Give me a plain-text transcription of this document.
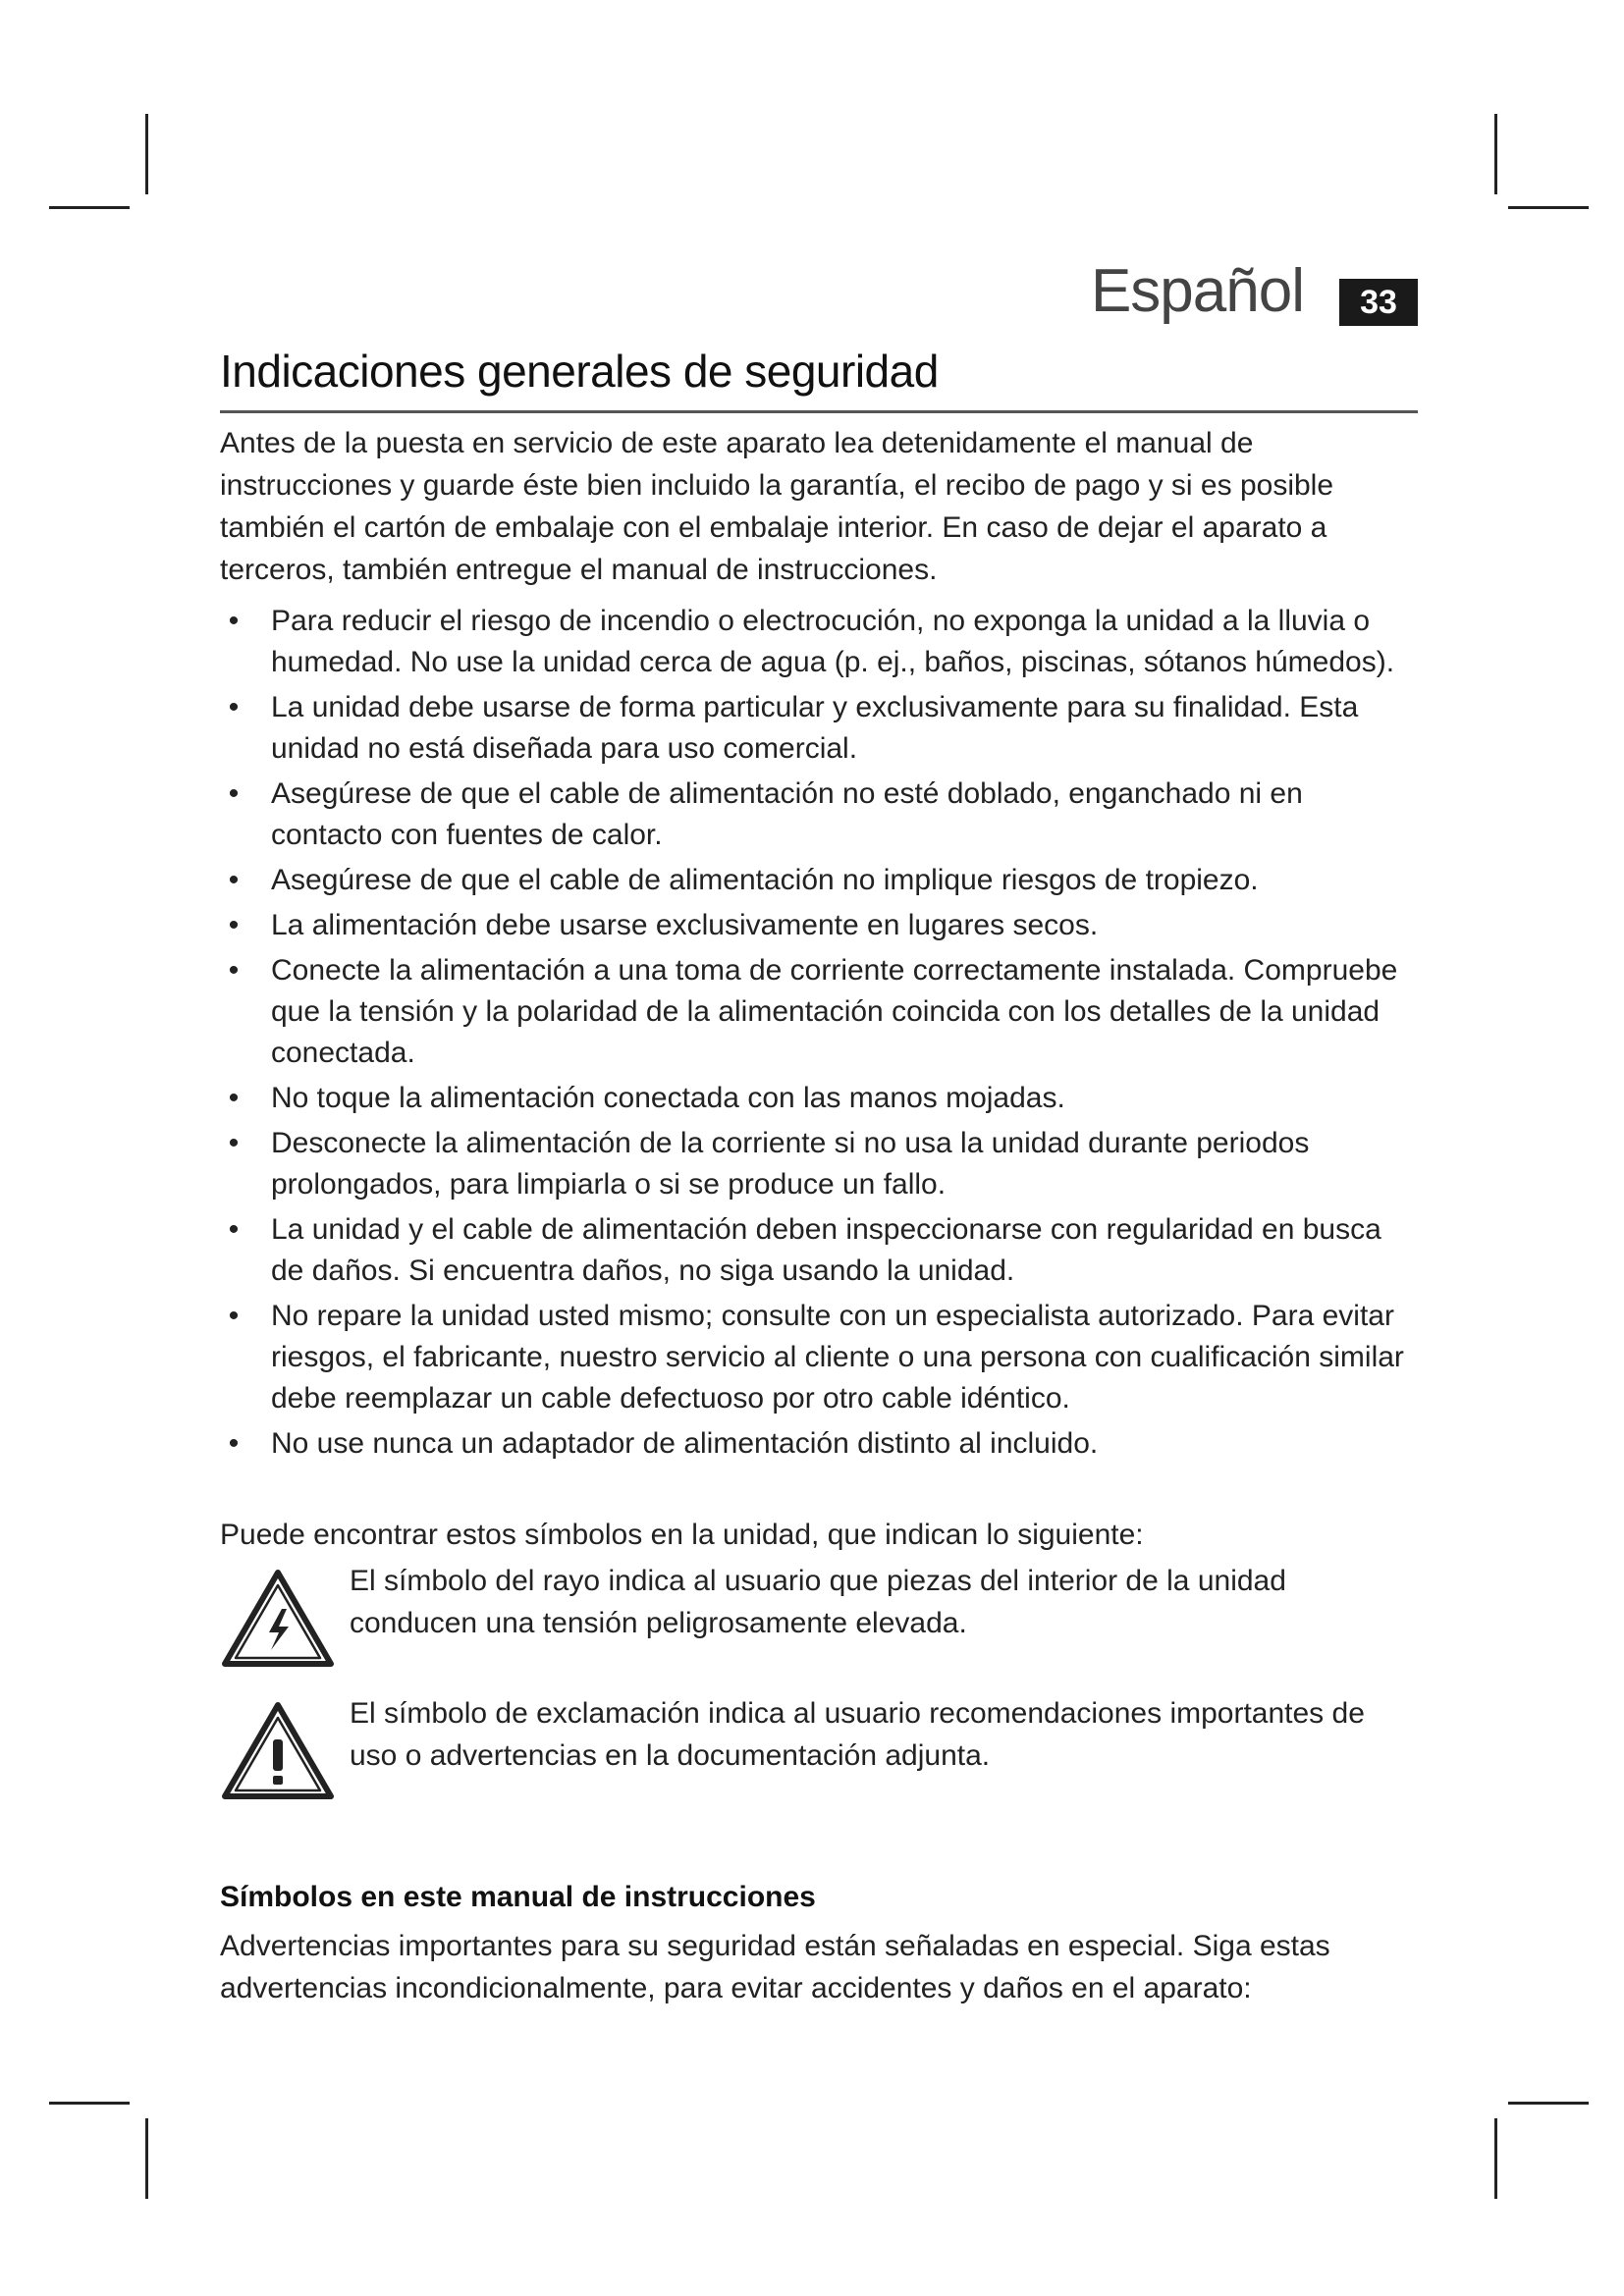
Español	33
Indicaciones generales de seguridad

Antes de la puesta en servicio de este aparato lea detenidamente el manual de instrucciones y guarde éste bien incluido la garantía, el recibo de pago y si es posible también el cartón de embalaje con el embalaje interior. En caso de dejar el aparato a terceros, también entregue el manual de instrucciones.

• Para reducir el riesgo de incendio o electrocución, no exponga la unidad a la lluvia o humedad. No use la unidad cerca de agua (p. ej., baños, piscinas, sótanos húmedos).
• La unidad debe usarse de forma particular y exclusivamente para su finalidad. Esta unidad no está diseñada para uso comercial.
• Asegúrese de que el cable de alimentación no esté doblado, enganchado ni en contacto con fuentes de calor.
• Asegúrese de que el cable de alimentación no implique riesgos de tropiezo.
• La alimentación debe usarse exclusivamente en lugares secos.
• Conecte la alimentación a una toma de corriente correctamente instalada. Compruebe que la tensión y la polaridad de la alimentación coincida con los detalles de la unidad conectada.
• No toque la alimentación conectada con las manos mojadas.
• Desconecte la alimentación de la corriente si no usa la unidad durante periodos prolongados, para limpiarla o si se produce un fallo.
• La unidad y el cable de alimentación deben inspeccionarse con regularidad en busca de daños. Si encuentra daños, no siga usando la unidad.
• No repare la unidad usted mismo; consulte con un especialista autorizado. Para evitar riesgos, el fabricante, nuestro servicio al cliente o una persona con cualificación similar debe reemplazar un cable defectuoso por otro cable idéntico.
• No use nunca un adaptador de alimentación distinto al incluido.

Puede encontrar estos símbolos en la unidad, que indican lo siguiente:

El símbolo del rayo indica al usuario que piezas del interior de la unidad conducen una tensión peligrosamente elevada.
El símbolo de exclamación indica al usuario recomendaciones importantes de uso o advertencias en la documentación adjunta.
Símbolos en este manual de instrucciones

Advertencias importantes para su seguridad están señaladas en especial. Siga estas advertencias incondicionalmente, para evitar accidentes y daños en el aparato:
